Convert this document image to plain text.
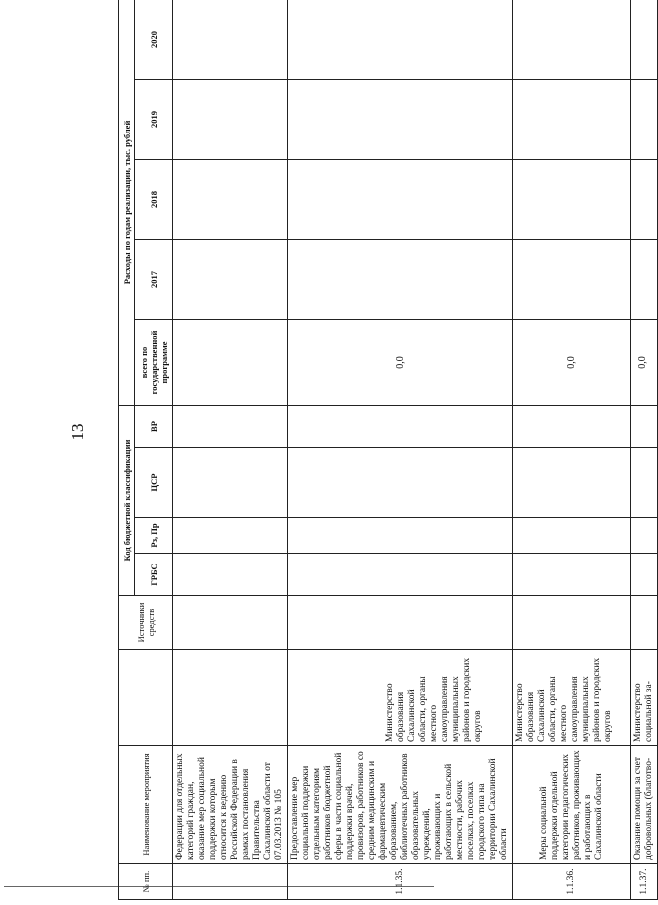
13
№ пп.	Наименование мероприятия		Источники средств	Код бюджетной классификации				Расходы по годам реализации, тыс. рублей				
				ГРБС	Рз, Пр	ЦСР	ВР	всего по государственной программе	2017	2018	2019	2020
	Федерации для отдельных категорий граждан, оказание мер социальной поддержки которым относится к ведению Российской Федерации в рамках постановления Правительства Сахалинской области от 07.03.2013 № 105											
1.1.35.	Предоставление мер социальной поддержки отдельным категориям работников бюджетной сферы в части социальной поддержки врачей, провизоров, работников со средним медицинским и фармацевтическим образованием, библиотечных работников образовательных учреждений, проживающих и работающих в сельской местности, рабочих поселках, поселках городского типа на территории Сахалинской области	Министерство образования Сахалинской области, органы местного самоуправления муниципальных районов и городских округов						0,0				
1.1.36.	Меры социальной поддержки отдельной категории педагогических работников, проживающих и работающих в Сахалинской области	Министерство образования Сахалинской области, органы местного самоуправления муниципальных районов и городских округов						0,0				
1.1.37.	Оказание помощи за счет добровольных (благотво-	Министерство социальной за-						0,0				
